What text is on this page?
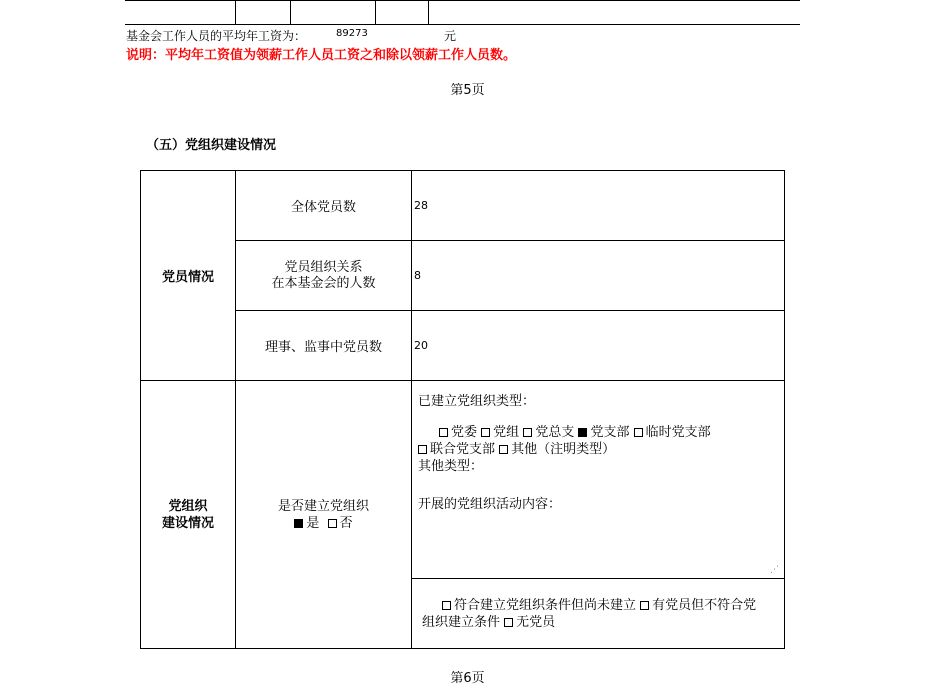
基金会工作人员的平均年工资为：	89273	元
说明：平均年工资值为领薪工作人员工资之和除以领薪工作人员数。
第5页
（五）党组织建设情况
党员情况
全体党员数	28
党员组织关系
在本基金会的人数	8
理事、监事中党员数	20
党组织
建设情况
是否建立党组织
是 否
已建立党组织类型：
党委 党组 党总支 党支部 临时党支部
联合党支部 其他（注明类型）
其他类型：
开展的党组织活动内容：
⋰
符合建立党组织条件但尚未建立 有党员但不符合党组织建立条件 无党员
第6页
